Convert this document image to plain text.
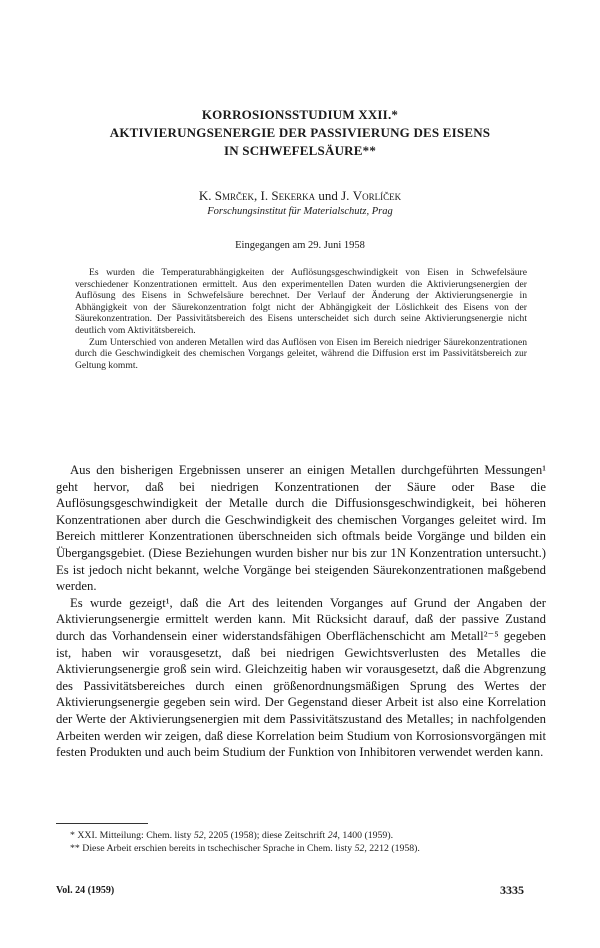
KORROSIONSSTUDIUM XXII.*
AKTIVIERUNGSENERGIE DER PASSIVIERUNG DES EISENS
IN SCHWEFELSÄURE**
K. Smrček, I. Sekerka und J. Vorlíček
Forschungsinstitut für Materialschutz, Prag
Eingegangen am 29. Juni 1958

Es wurden die Temperaturabhängigkeiten der Auflösungsgeschwindigkeit von Eisen in Schwefelsäure verschiedener Konzentrationen ermittelt. Aus den experimentellen Daten wurden die Aktivierungsenergien der Auflösung des Eisens in Schwefelsäure berechnet. Der Verlauf der Änderung der Aktivierungsenergie in Abhängigkeit von der Säurekonzentration folgt nicht der Abhängigkeit der Löslichkeit des Eisens von der Säurekonzentration. Der Passivitätsbereich des Eisens unterscheidet sich durch seine Aktivierungsenergie nicht deutlich vom Aktivitätsbereich.

Zum Unterschied von anderen Metallen wird das Auflösen von Eisen im Bereich niedriger Säurekonzentrationen durch die Geschwindigkeit des chemischen Vorgangs geleitet, während die Diffusion erst im Passivitätsbereich zur Geltung kommt.

Aus den bisherigen Ergebnissen unserer an einigen Metallen durchgeführten Messungen¹ geht hervor, daß bei niedrigen Konzentrationen der Säure oder Base die Auflösungsgeschwindigkeit der Metalle durch die Diffusionsgeschwindigkeit, bei höheren Konzentrationen aber durch die Geschwindigkeit des chemischen Vorganges geleitet wird. Im Bereich mittlerer Konzentrationen überschneiden sich oftmals beide Vorgänge und bilden ein Übergangsgebiet. (Diese Beziehungen wurden bisher nur bis zur 1N Konzentration untersucht.) Es ist jedoch nicht bekannt, welche Vorgänge bei steigenden Säurekonzentrationen maßgebend werden.

Es wurde gezeigt¹, daß die Art des leitenden Vorganges auf Grund der Angaben der Aktivierungsenergie ermittelt werden kann. Mit Rücksicht darauf, daß der passive Zustand durch das Vorhandensein einer widerstandsfähigen Oberflächenschicht am Metall²⁻⁵ gegeben ist, haben wir vorausgesetzt, daß bei niedrigen Gewichtsverlusten des Metalles die Aktivierungsenergie groß sein wird. Gleichzeitig haben wir vorausgesetzt, daß die Abgrenzung des Passivitätsbereiches durch einen größenordnungsmäßigen Sprung des Wertes der Aktivierungsenergie gegeben sein wird. Der Gegenstand dieser Arbeit ist also eine Korrelation der Werte der Aktivierungsenergien mit dem Passivitätszustand des Metalles; in nachfolgenden Arbeiten werden wir zeigen, daß diese Korrelation beim Studium von Korrosionsvorgängen mit festen Produkten und auch beim Studium der Funktion von Inhibitoren verwendet werden kann.

* XXI. Mitteilung: Chem. listy 52, 2205 (1958); diese Zeitschrift 24, 1400 (1959).
** Diese Arbeit erschien bereits in tschechischer Sprache in Chem. listy 52, 2212 (1958).
Vol. 24 (1959)	3335
